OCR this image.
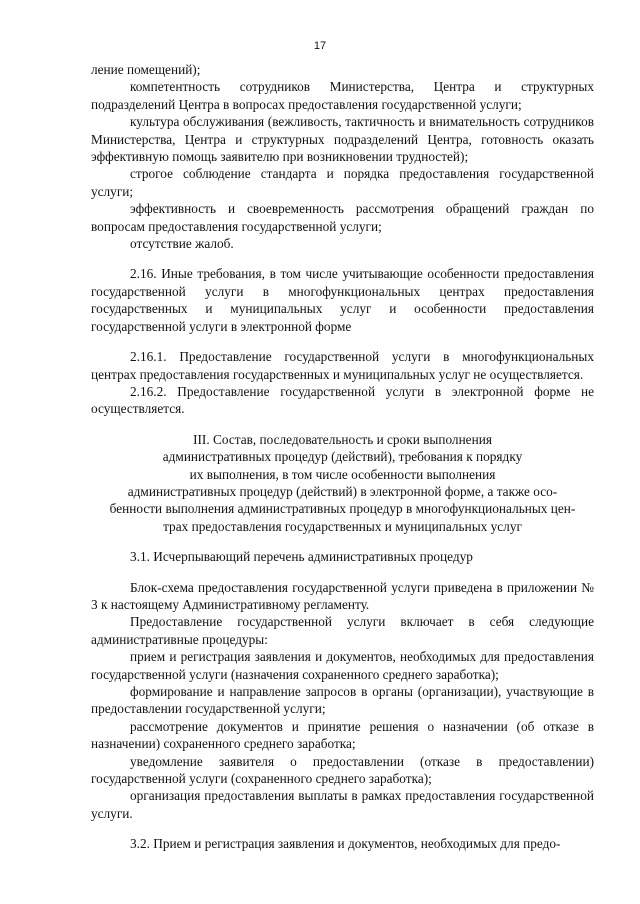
17

ление помещений);

компетентность сотрудников Министерства, Центра и структурных подразделений Центра в вопросах предоставления государственной услуги;

культура обслуживания (вежливость, тактичность и внимательность сотрудников Министерства, Центра и структурных подразделений Центра, готовность оказать эффективную помощь заявителю при возникновении трудностей);

строгое соблюдение стандарта и порядка предоставления государственной услуги;

эффективность и своевременность рассмотрения обращений граждан по вопросам предоставления государственной услуги;

отсутствие жалоб.

2.16. Иные требования, в том числе учитывающие особенности предоставления государственной услуги в многофункциональных центрах предоставления государственных и муниципальных услуг и особенности предоставления государственной услуги в электронной форме

2.16.1. Предоставление государственной услуги в многофункциональных центрах предоставления государственных и муниципальных услуг не осуществляется.

2.16.2. Предоставление государственной услуги в электронной форме не осуществляется.

III. Состав, последовательность и сроки выполнения
административных процедур (действий), требования к порядку
их выполнения, в том числе особенности выполнения
административных процедур (действий) в электронной форме, а также осо-
бенности выполнения административных процедур в многофункциональных цен-
трах предоставления государственных и муниципальных услуг

3.1. Исчерпывающий перечень административных процедур

Блок-схема предоставления государственной услуги приведена в приложении № 3 к настоящему Административному регламенту.

Предоставление государственной услуги включает в себя следующие административные процедуры:

прием и регистрация заявления и документов, необходимых для предоставления государственной услуги (назначения сохраненного среднего заработка);

формирование и направление запросов в органы (организации), участвующие в предоставлении государственной услуги;

рассмотрение документов и принятие решения о назначении (об отказе в назначении) сохраненного среднего заработка;

уведомление заявителя о предоставлении (отказе в предоставлении) государственной услуги (сохраненного среднего заработка);

организация предоставления выплаты в рамках предоставления государственной услуги.

3.2. Прием и регистрация заявления и документов, необходимых для предо-
